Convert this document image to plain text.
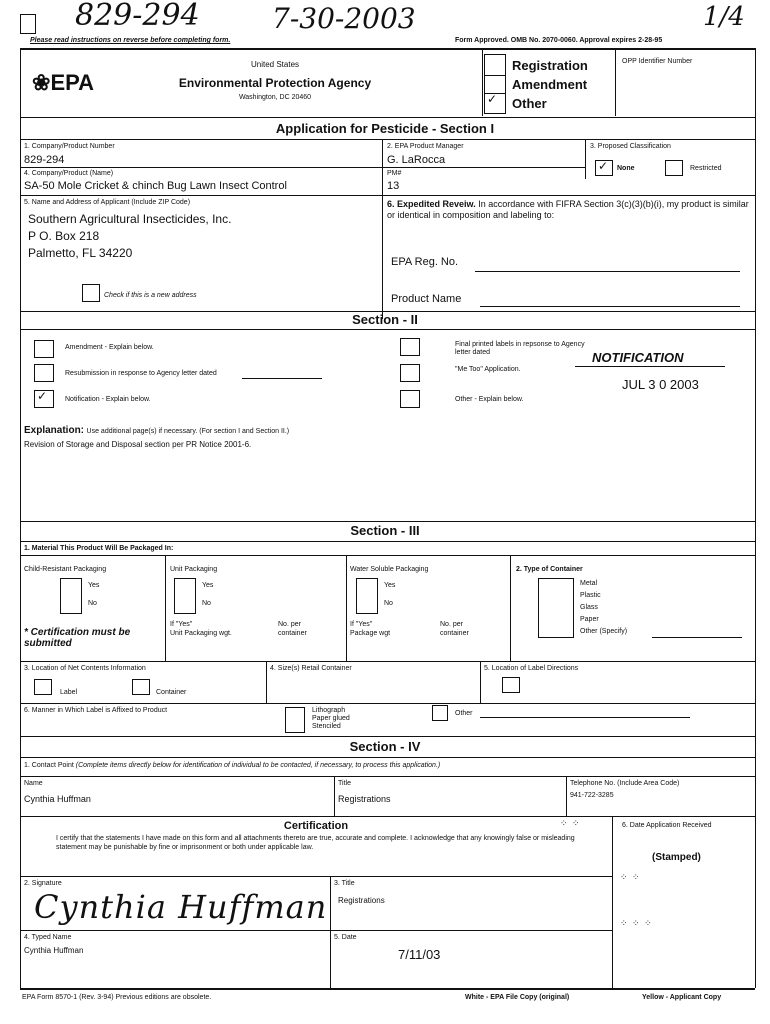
829-294	7-30-2003	1/4
Please read instructions on reverse before completing form.	Form Approved. OMB No. 2070-0060. Approval expires 2-28-95
❀EPA
United States
Environmental Protection Agency
Washington, DC 20460
✓
Registration
Amendment
Other
OPP Identifier Number
Application for Pesticide - Section I
1. Company/Product Number
829-294
2. EPA Product Manager
G. LaRocca
3. Proposed Classification
✓
None	Restricted
4. Company/Product (Name)
SA-50 Mole Cricket & chinch Bug Lawn Insect Control
PM#
13
5. Name and Address of Applicant (Include ZIP Code)
Southern Agricultural Insecticides, Inc.
P O. Box 218
Palmetto, FL 34220
Check if this is a new address
6. Expedited Reveiw. In accordance with FIFRA Section 3(c)(3)(b)(i), my product is similar or identical in composition and labeling to:
EPA Reg. No.
Product Name
Section - II
Amendment - Explain below.
Resubmission in response to Agency letter dated
✓
Notification - Explain below.
Final printed labels in repsonse to Agency letter dated
"Me Too" Application.
Other - Explain below.
NOTIFICATION
JUL 3 0 2003
Explanation: Use additional page(s) if necessary. (For section I and Section II.)
Revision of Storage and Disposal section per PR Notice 2001-6.
Section - III
1. Material This Product Will Be Packaged In:
Child-Resistant Packaging
Yes
No
* Certification must be submitted
Unit Packaging
Yes
No
If "Yes"
Unit Packaging wgt.
No. per
container
Water Soluble Packaging
Yes
No
If "Yes"
Package wgt
No. per
container
2. Type of Container
Metal
Plastic
Glass
Paper
Other (Specify)
3. Location of Net Contents Information
Label	Container
4. Size(s) Retail Container	5. Location of Label Directions
6. Manner in Which Label is Affixed to Product	Lithograph
Paper glued
Stenciled
Other
Section - IV
1. Contact Point (Complete items directly below for identification of individual to be contacted, if necessary, to process this application.)
Name
Cynthia Huffman
Title
Registrations
Telephone No. (Include Area Code)
941-722-3285
Certification
I certify that the statements I have made on this form and all attachments thereto are true, accurate and complete. I acknowledge that any knowingly false or misleading statement may be punishable by fine or imprisonment or both under applicable law.
6. Date Application Received
(Stamped)
⁘ ⁘
⁘ ⁘
⁘ ⁘ ⁘
2. Signature
Cynthia Huffman
3. Title
Registrations
4. Typed Name
Cynthia Huffman
5. Date
7/11/03
EPA Form 8570-1 (Rev. 3-94) Previous editions are obsolete.	White - EPA File Copy (original)	Yellow - Applicant Copy
